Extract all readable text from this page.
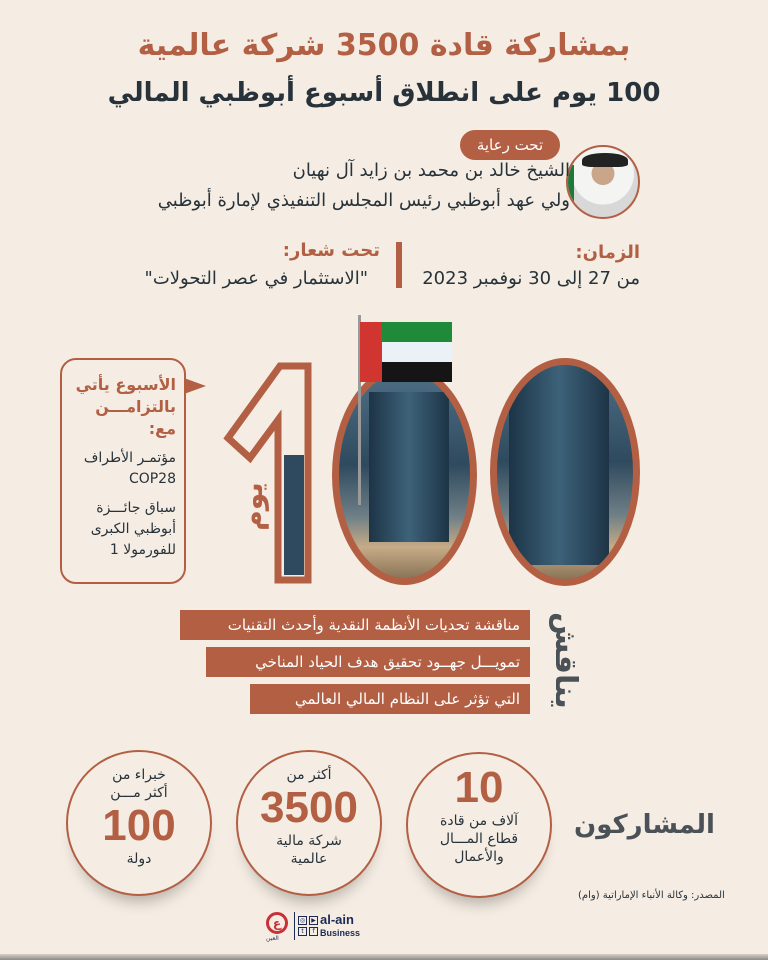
بمشاركة قادة 3500 شركة عالمية
100 يوم على انطلاق أسبوع أبوظبي المالي
تحت رعاية
الشيخ خالد بن محمد بن زايد آل نهيان
ولي عهد أبوظبي رئيس المجلس التنفيذي لإمارة أبوظبي
الزمان:
من 27 إلى 30 نوفمبر 2023
تحت شعار:
"الاستثمار في عصر التحولات"
يوم
الأسبوع يأتي
بالتزامـــن مع:
مؤتمـر الأطراف
COP28
سباق جائـــزة
أبوظبي الكبرى
للفورمولا 1
يناقش
مناقشة تحديات الأنظمة النقدية وأحدث التقنيات
تمويـــل جهــود تحقيق هدف الحياد المناخي
التي تؤثر على النظام المالي العالمي
10
آلاف من قادة
قطاع المـــال
والأعمال
أكثر من
3500
شركة مالية
عالمية
خبراء من
أكثر مـــن
100
دولة
المشاركون
المصدر: وكالة الأنباء الإماراتية (وام)
ع
العين
◎	▶
t	f
al-ain
Business
